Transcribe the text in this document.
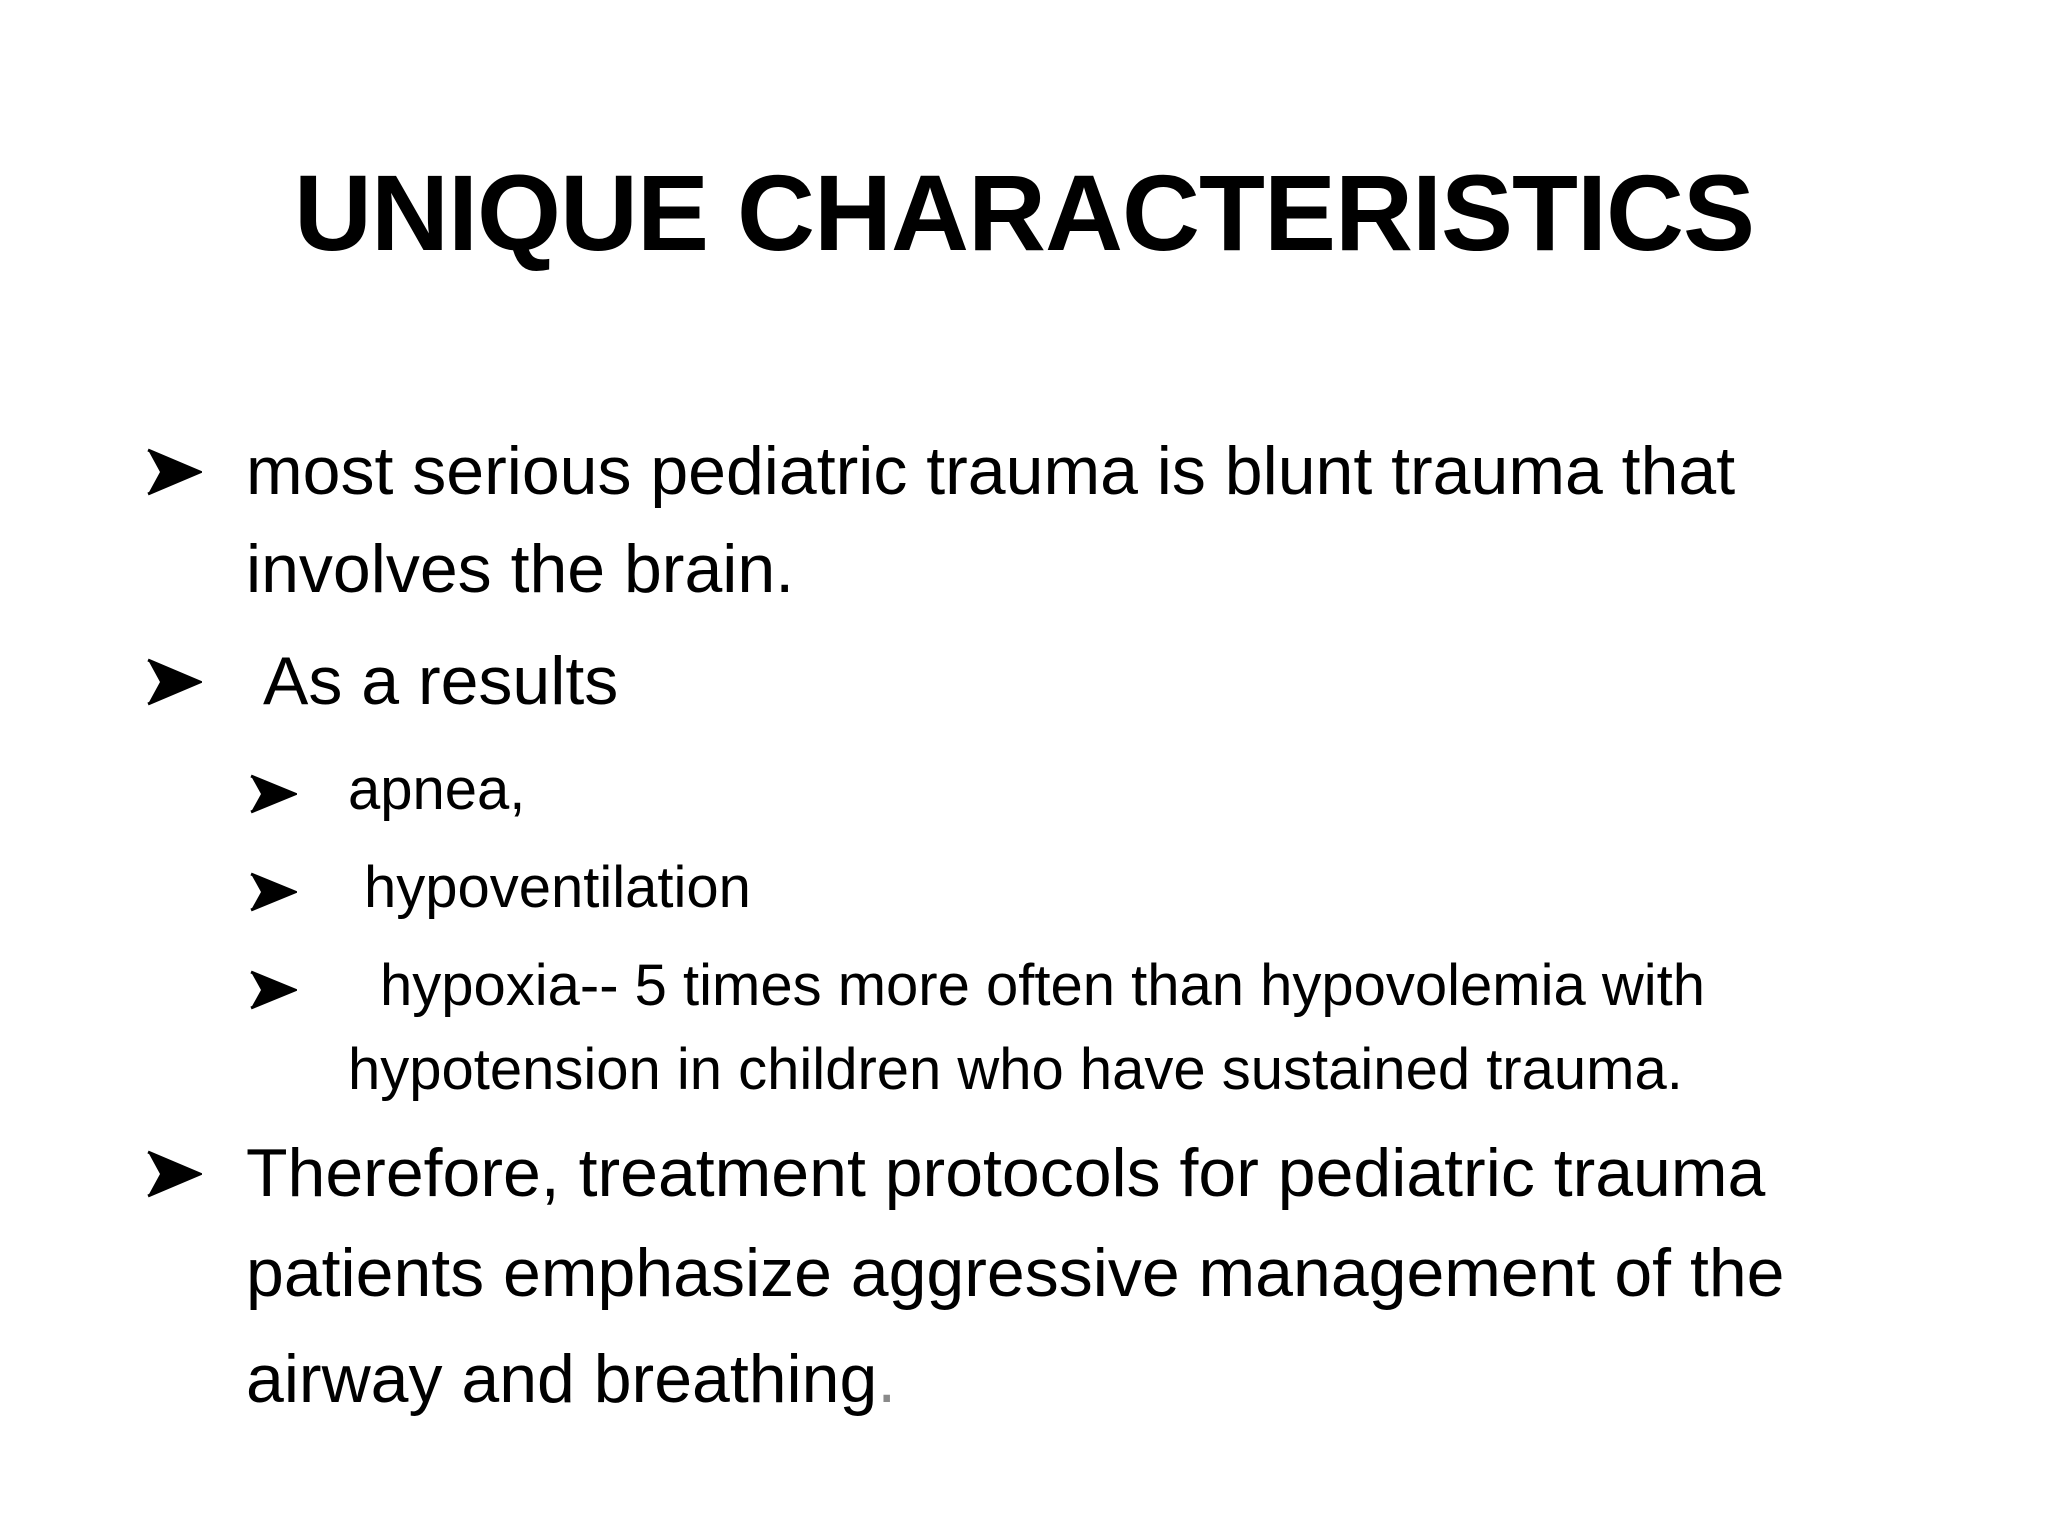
UNIQUE CHARACTERISTICS
most serious pediatric trauma is blunt trauma that
involves the brain.
As a results
apnea,
hypoventilation
hypoxia-- 5 times more often than hypovolemia with
hypotension in children who have sustained trauma.
Therefore, treatment protocols for pediatric trauma
patients emphasize aggressive management of the
airway and breathing.
